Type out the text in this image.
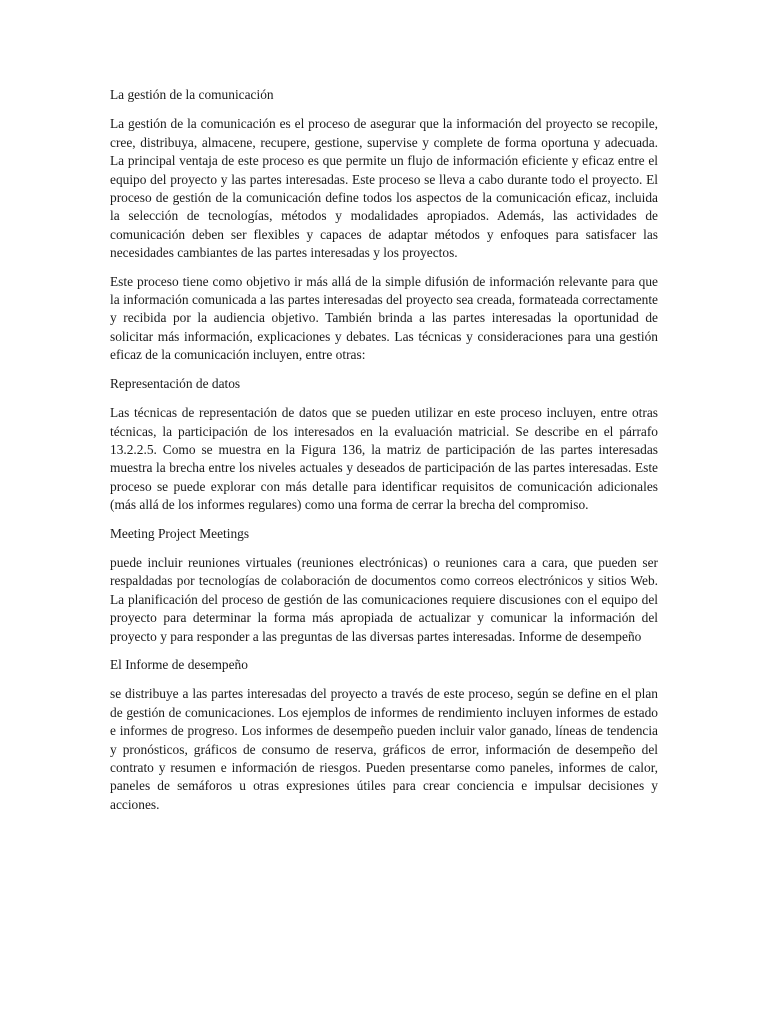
La gestión de la comunicación

La gestión de la comunicación es el proceso de asegurar que la información del proyecto se recopile, cree, distribuya, almacene, recupere, gestione, supervise y complete de forma oportuna y adecuada. La principal ventaja de este proceso es que permite un flujo de información eficiente y eficaz entre el equipo del proyecto y las partes interesadas. Este proceso se lleva a cabo durante todo el proyecto. El proceso de gestión de la comunicación define todos los aspectos de la comunicación eficaz, incluida la selección de tecnologías, métodos y modalidades apropiados. Además, las actividades de comunicación deben ser flexibles y capaces de adaptar métodos y enfoques para satisfacer las necesidades cambiantes de las partes interesadas y los proyectos.

Este proceso tiene como objetivo ir más allá de la simple difusión de información relevante para que la información comunicada a las partes interesadas del proyecto sea creada, formateada correctamente y recibida por la audiencia objetivo. También brinda a las partes interesadas la oportunidad de solicitar más información, explicaciones y debates. Las técnicas y consideraciones para una gestión eficaz de la comunicación incluyen, entre otras:

Representación de datos

Las técnicas de representación de datos que se pueden utilizar en este proceso incluyen, entre otras técnicas, la participación de los interesados en la evaluación matricial. Se describe en el párrafo 13.2.2.5. Como se muestra en la Figura 136, la matriz de participación de las partes interesadas muestra la brecha entre los niveles actuales y deseados de participación de las partes interesadas. Este proceso se puede explorar con más detalle para identificar requisitos de comunicación adicionales (más allá de los informes regulares) como una forma de cerrar la brecha del compromiso.

Meeting Project Meetings

puede incluir reuniones virtuales (reuniones electrónicas) o reuniones cara a cara, que pueden ser respaldadas por tecnologías de colaboración de documentos como correos electrónicos y sitios Web. La planificación del proceso de gestión de las comunicaciones requiere discusiones con el equipo del proyecto para determinar la forma más apropiada de actualizar y comunicar la información del proyecto y para responder a las preguntas de las diversas partes interesadas. Informe de desempeño

El Informe de desempeño

se distribuye a las partes interesadas del proyecto a través de este proceso, según se define en el plan de gestión de comunicaciones. Los ejemplos de informes de rendimiento incluyen informes de estado e informes de progreso. Los informes de desempeño pueden incluir valor ganado, líneas de tendencia y pronósticos, gráficos de consumo de reserva, gráficos de error, información de desempeño del contrato y resumen e información de riesgos. Pueden presentarse como paneles, informes de calor, paneles de semáforos u otras expresiones útiles para crear conciencia e impulsar decisiones y acciones.
